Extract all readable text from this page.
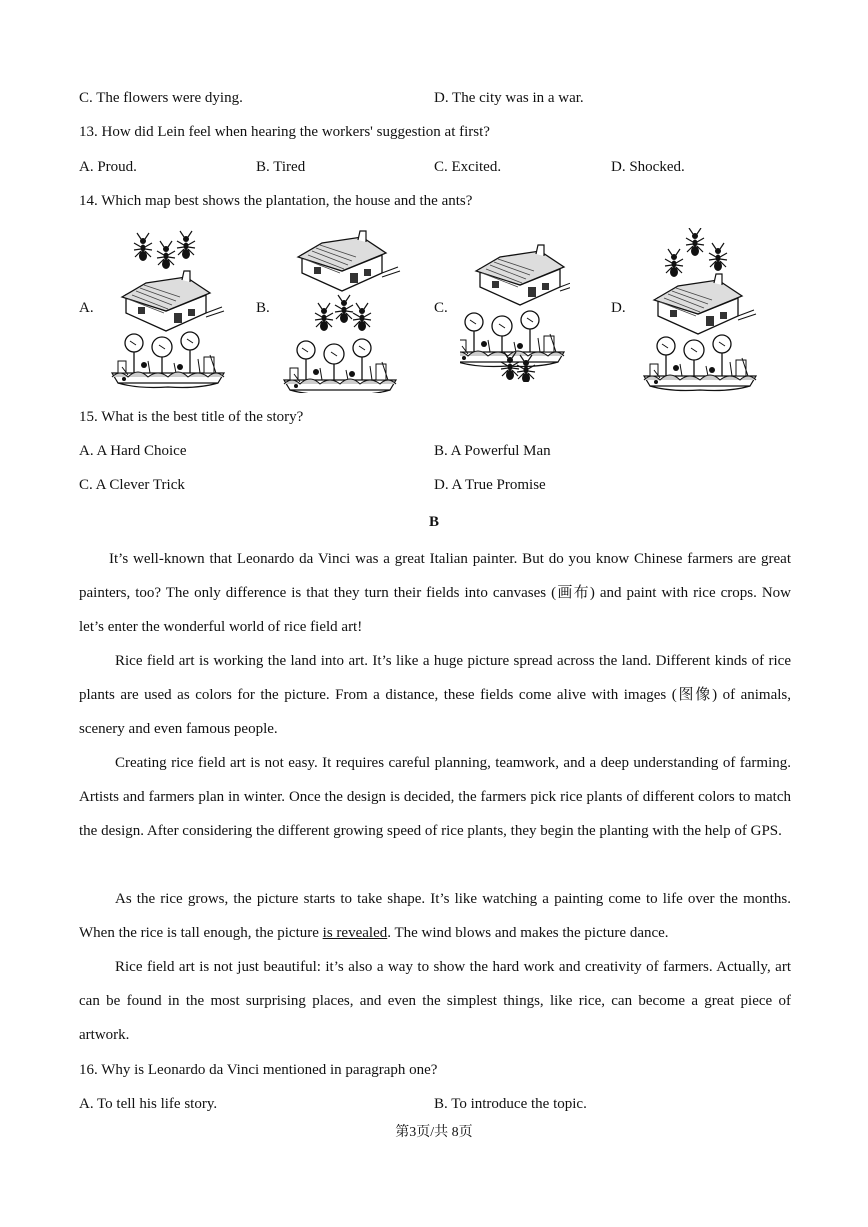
C. The flowers were dying.	D. The city was in a war.
13. How did Lein feel when hearing the workers' suggestion at first?
A. Proud.	B. Tired	C. Excited.	D. Shocked.
14. Which map best shows the plantation, the house and the ants?
A.	B.	C.	D.
15. What is the best title of the story?
A. A Hard Choice	B. A Powerful Man
C. A Clever Trick	D. A True Promise
B
It’s well-known that Leonardo da Vinci was a great Italian painter. But do you know Chinese farmers are great painters, too? The only difference is that they turn their fields into canvases (画布) and paint with rice crops. Now let’s enter the wonderful world of rice field art!
Rice field art is working the land into art. It’s like a huge picture spread across the land. Different kinds of rice plants are used as colors for the picture. From a distance, these fields come alive with images (图像) of animals, scenery and even famous people.
Creating rice field art is not easy. It requires careful planning, teamwork, and a deep understanding of farming. Artists and farmers plan in winter. Once the design is decided, the farmers pick rice plants of different colors to match the design. After considering the different growing speed of rice plants, they begin the planting with the help of GPS.
As the rice grows, the picture starts to take shape. It’s like watching a painting come to life over the months. When the rice is tall enough, the picture is revealed. The wind blows and makes the picture dance.
Rice field art is not just beautiful: it’s also a way to show the hard work and creativity of farmers. Actually, art can be found in the most surprising places, and even the simplest things, like rice, can become a great piece of artwork.
16. Why is Leonardo da Vinci mentioned in paragraph one?
A. To tell his life story.	B. To introduce the topic.
第3页/共 8页
